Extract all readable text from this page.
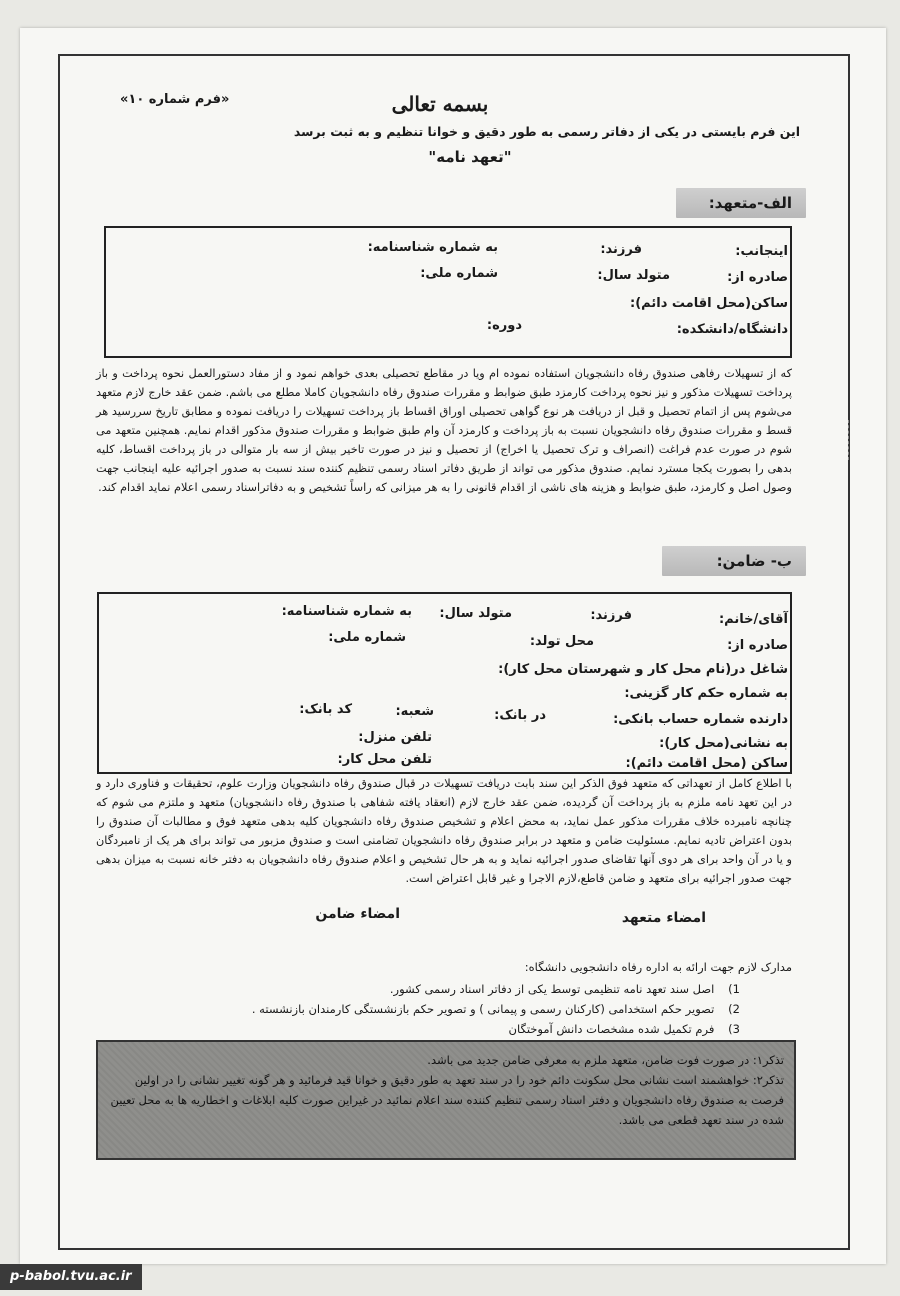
«فرم شماره ۱۰»	بسمه تعالی
این فرم بایستی در یکی از دفاتر رسمی به طور دقیق و خوانا تنظیم و به ثبت برسد
"تعهد نامه"
الف-متعهد:
اینجانب:
فرزند:
به شماره شناسنامه:
صادره از:
متولد سال:
شماره ملی:
ساکن(محل اقامت دائم):
دانشگاه/دانشکده:
دوره:
که از تسهیلات رفاهی صندوق رفاه دانشجویان استفاده نموده ام ویا در مقاطع تحصیلی بعدی خواهم نمود و از مفاد دستورالعمل نحوه پرداخت و باز پرداخت تسهیلات مذکور و نیز نحوه پرداخت کارمزد طبق ضوابط و مقررات صندوق رفاه دانشجویان کاملا مطلع می باشم. ضمن عقد خارج لازم متعهد می‌شوم پس از اتمام تحصیل و قبل از دریافت هر نوع گواهی تحصیلی اوراق اقساط باز پرداخت تسهیلات را دریافت نموده و مطابق تاریخ سررسید هر قسط و مقررات صندوق رفاه دانشجویان نسبت به باز پرداخت و کارمزد آن وام طبق ضوابط و مقررات صندوق مذکور اقدام نمایم. همچنین متعهد می شوم در صورت عدم فراغت (انصراف و ترک تحصیل یا اخراج) از تحصیل و نیز در صورت تاخیر بیش از سه بار متوالی در باز پرداخت اقساط، کلیه بدهی را بصورت یکجا مسترد نمایم. صندوق مذکور می تواند از طریق دفاتر اسناد رسمی تنظیم کننده سند نسبت به صدور اجرائیه علیه اینجانب جهت وصول اصل و کارمزد، طبق ضوابط و هزینه های ناشی از اقدام قانونی را به هر میزانی که راساً تشخیص و به دفاتراسناد رسمی اعلام نماید اقدام کند.
ب- ضامن:
آقای/خانم:
فرزند:
متولد سال:
به شماره شناسنامه:
صادره از:
محل تولد:
شماره ملی:
شاغل در(نام محل کار و شهرستان محل کار):
به شماره حکم کار گزینی:
دارنده شماره حساب بانکی:
در بانک:
شعبه:
کد بانک:
به نشانی(محل کار):
تلفن منزل:
ساکن (محل اقامت دائم):
تلفن محل کار:
با اطلاع کامل از تعهداتی که متعهد فوق الذکر این سند بابت دریافت تسهیلات در قبال صندوق رفاه دانشجویان وزارت علوم، تحقیقات و فناوری دارد و در این تعهد نامه ملزم به باز پرداخت آن گردیده، ضمن عقد خارج لازم (انعقاد یافته شفاهی با صندوق رفاه دانشجویان) متعهد و ملتزم می شوم که چنانچه نامبرده خلاف مقررات مذکور عمل نماید، به محض اعلام و تشخیص صندوق رفاه دانشجویان کلیه بدهی متعهد فوق و مطالبات آن صندوق را بدون اعتراض تادیه نمایم. مسئولیت ضامن و متعهد در برابر صندوق رفاه دانشجویان تضامنی است و صندوق مزبور می تواند برای هر یک از نامبردگان و یا در آن واحد برای هر دوی آنها تقاضای صدور اجرائیه نماید و به هر حال تشخیص و اعلام صندوق رفاه دانشجویان به دفتر خانه نسبت به میزان بدهی جهت صدور اجرائیه برای متعهد و ضامن قاطع،لازم الاجرا و غیر قابل اعتراض است.
امضاء متعهد
امضاء ضامن
مدارک لازم جهت ارائه به اداره رفاه دانشجویی دانشگاه:
1) اصل سند تعهد نامه تنظیمی توسط یکی از دفاتر اسناد رسمی کشور.
2) تصویر حکم استخدامی (کارکنان رسمی و پیمانی ) و تصویر حکم بازنشستگی کارمندان بازنشسته .
3) فرم تکمیل شده مشخصات دانش آموختگان
تذکر۱: در صورت فوت ضامن، متعهد ملزم به معرفی ضامن جدید می باشد.
تذکر۲: خواهشمند است نشانی محل سکونت دائم خود را در سند تعهد به طور دقیق و خوانا قید فرمائید و هر گونه تغییر نشانی را در اولین فرصت به صندوق رفاه دانشجویان و دفتر اسناد رسمی تنظیم کننده سند اعلام نمائید در غیراین صورت کلیه ابلاغات و اخطاریه ها به محل تعیین شده در سند تعهد قطعی می باشد.
p-babol.tvu.ac.ir
